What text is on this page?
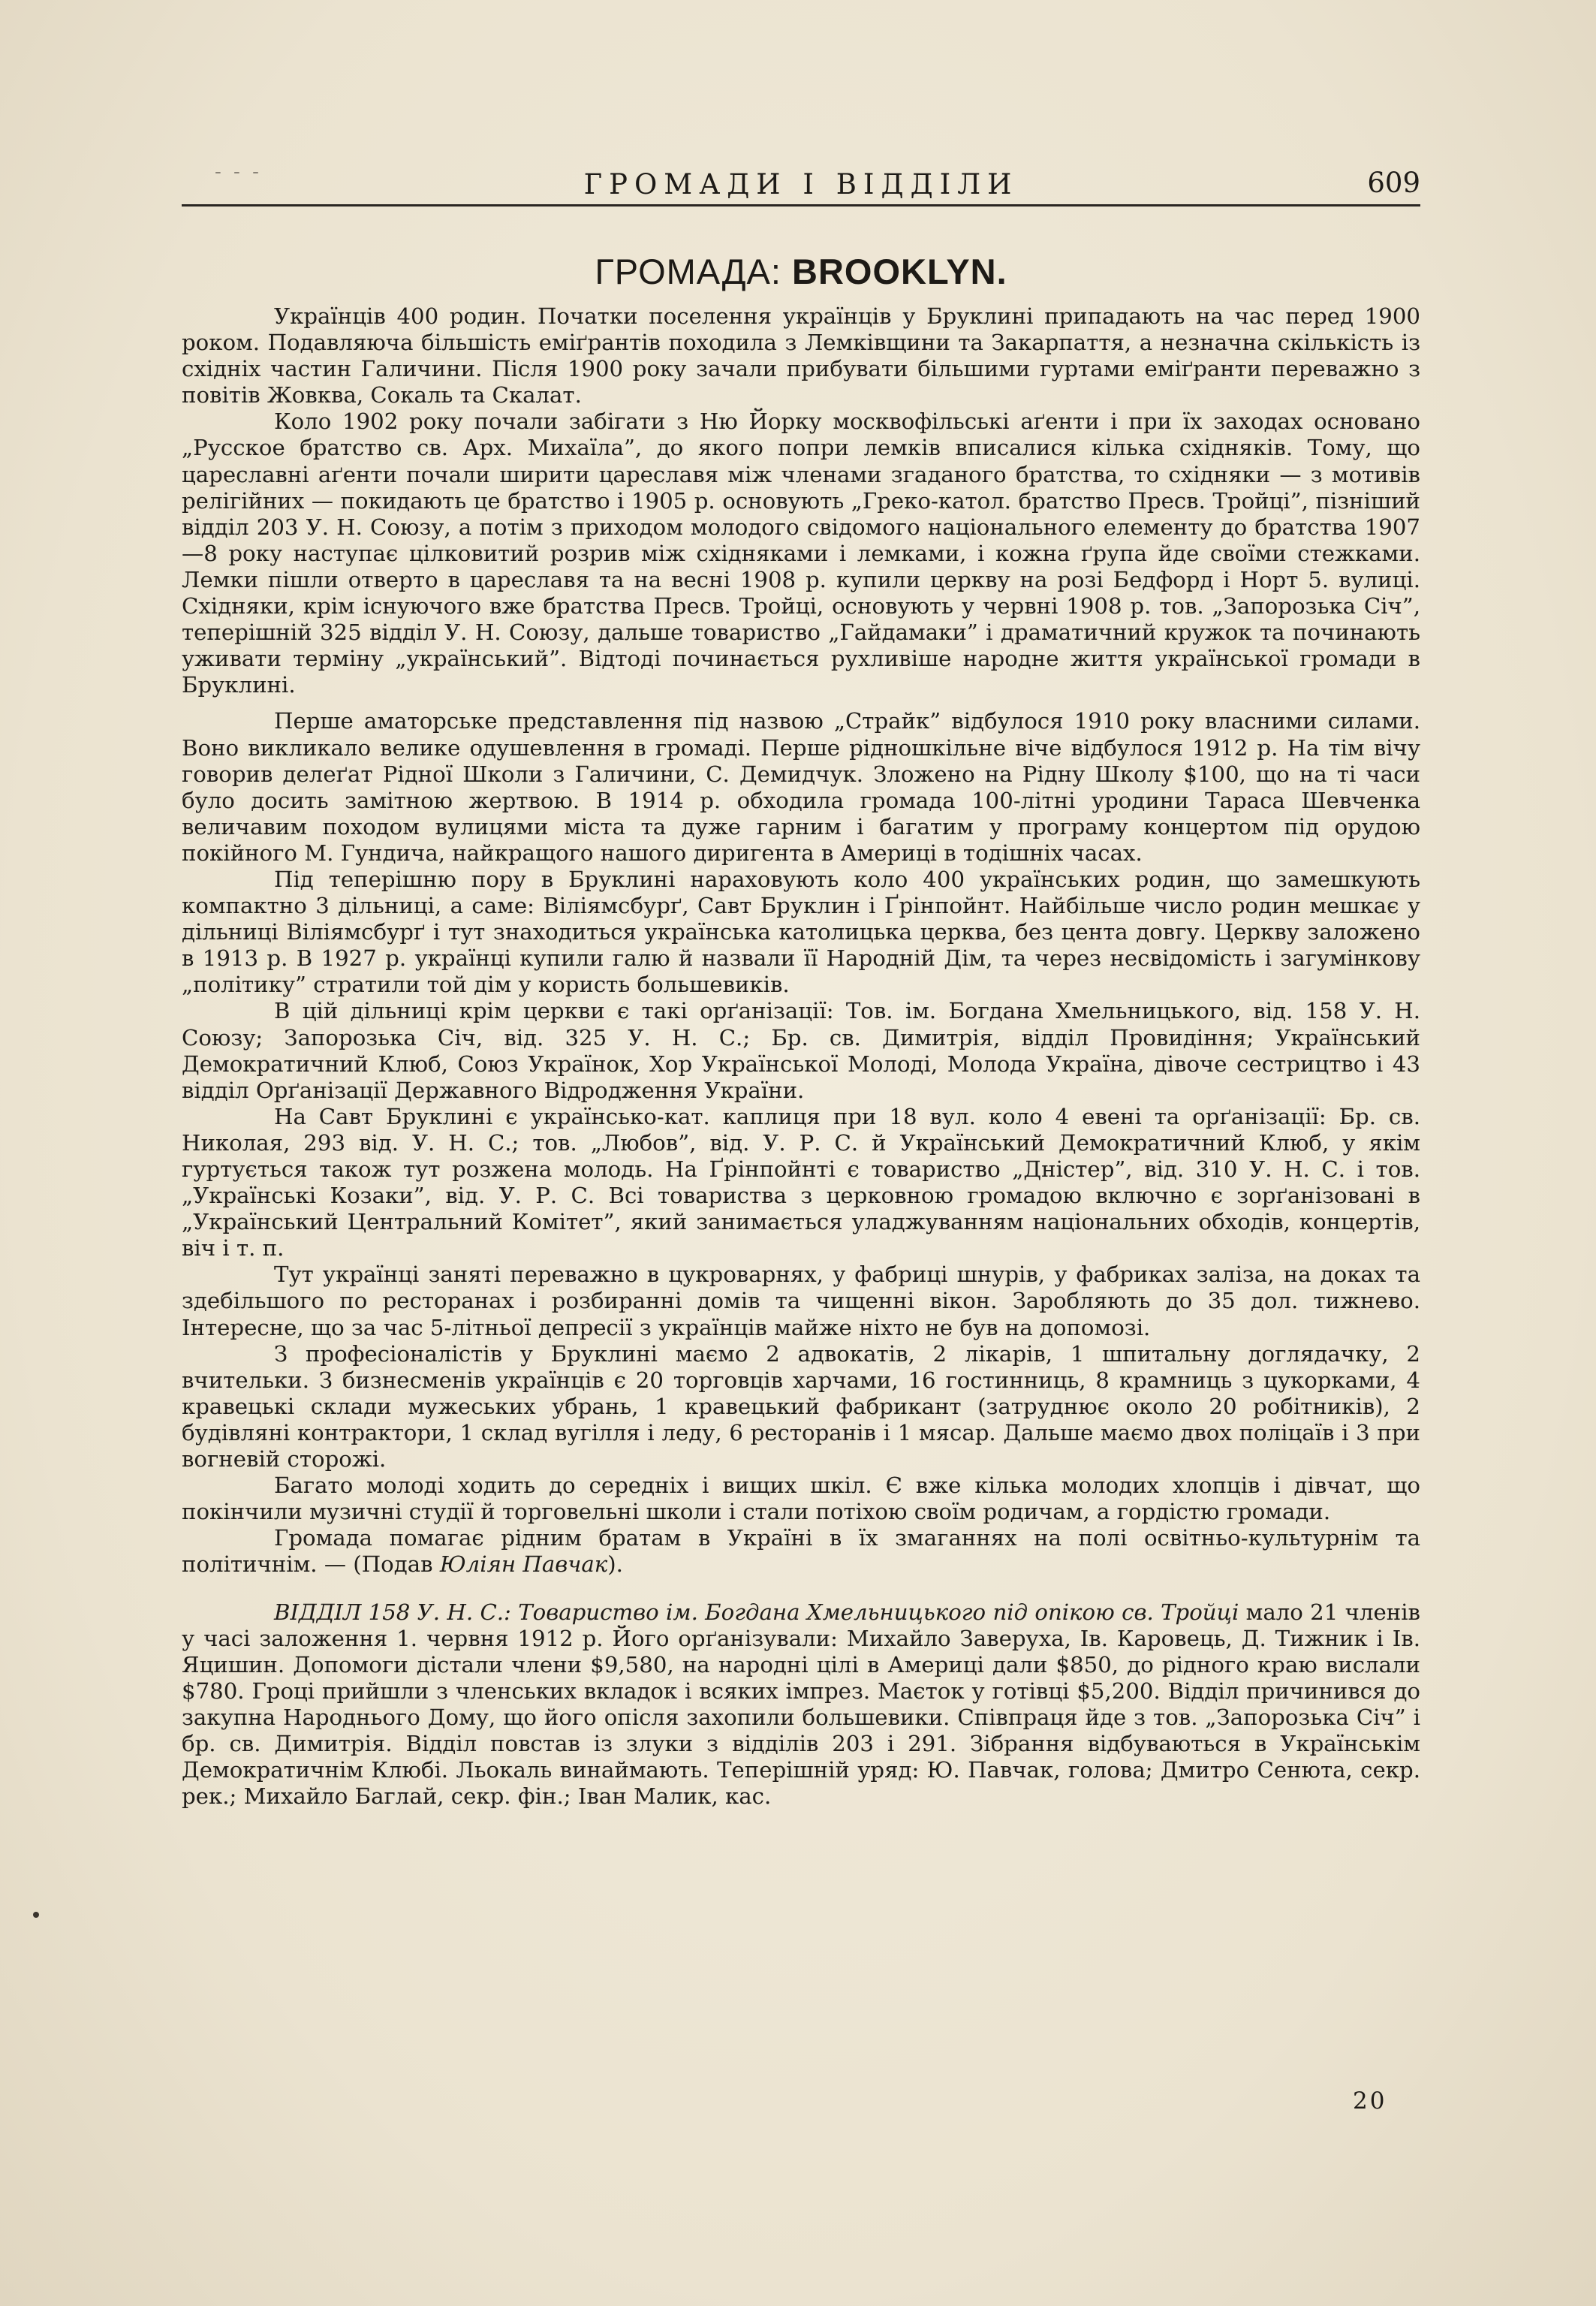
- - -	ГРОМАДИ І ВІДДІЛИ	609
ГРОМАДА: BROOKLYN.

Українців 400 родин. Початки поселення українців у Бруклині припадають на час перед 1900 роком. Подавляюча більшість еміґрантів походила з Лемківщини та Закарпаття, а незначна скількість із східніх частин Галичини. Після 1900 року зачали прибувати більшими гуртами еміґранти переважно з повітів Жовква, Сокаль та Скалат.

Коло 1902 року почали забігати з Ню Йорку москвофільські аґенти і при їх заходах основано „Русское братство св. Арх. Михаїла”, до якого попри лемків вписалися кілька східняків. Тому, що цареславні аґенти почали ширити цареславя між членами згаданого братства, то східняки — з мотивів релігійних — покидають це братство і 1905 р. основують „Греко-катол. братство Пресв. Тройці”, пізніший відділ 203 У. Н. Союзу, а потім з приходом молодого свідомого національного елементу до братства 1907—8 року наступає цілковитий розрив між східняками і лемками, і кожна ґрупа йде своїми стежками. Лемки пішли отверто в цареславя та на весні 1908 р. купили церкву на розі Бедфорд і Норт 5. вулиці. Східняки, крім існуючого вже братства Пресв. Тройці, основують у червні 1908 р. тов. „Запорозька Січ”, теперішній 325 відділ У. Н. Союзу, дальше товариство „Гайдамаки” і драматичний кружок та починають уживати терміну „український”. Відтоді починається рухливіше народне життя української громади в Бруклині.

Перше аматорське представлення під назвою „Страйк” відбулося 1910 року власними силами. Воно викликало велике одушевлення в громаді. Перше рідношкільне віче відбулося 1912 р. На тім вічу говорив делеґат Рідної Школи з Галичини, С. Демидчук. Зложено на Рідну Школу $100, що на ті часи було досить замітною жертвою. В 1914 р. обходила громада 100-літні уродини Тараса Шевченка величавим походом вулицями міста та дуже гарним і багатим у програму концертом під орудою покійного М. Гундича, найкращого нашого диригента в Америці в тодішніх часах.

Під теперішню пору в Бруклині нараховують коло 400 українських родин, що замешкують компактно 3 дільниці, а саме: Віліямсбурґ, Савт Бруклин і Ґрінпойнт. Найбільше число родин мешкає у дільниці Віліямсбурґ і тут знаходиться українська католицька церква, без цента довгу. Церкву заложено в 1913 р. В 1927 р. українці купили галю й назвали її Народній Дім, та через несвідомість і загумінкову „політику” стратили той дім у користь большевиків.

В цій дільниці крім церкви є такі орґанізації: Тов. ім. Богдана Хмельницького, від. 158 У. Н. Союзу; Запорозька Січ, від. 325 У. Н. С.; Бр. св. Димитрія, відділ Провидіння; Український Демократичний Клюб, Союз Українок, Хор Української Молоді, Молода Україна, дівоче сестрицтво і 43 відділ Орґанізації Державного Відродження України.

На Савт Бруклині є українсько-кат. каплиця при 18 вул. коло 4 евені та орґанізації: Бр. св. Николая, 293 від. У. Н. С.; тов. „Любов”, від. У. Р. С. й Український Демократичний Клюб, у якім гуртується також тут розжена молодь. На Ґрінпойнті є товариство „Дністер”, від. 310 У. Н. С. і тов. „Українські Козаки”, від. У. Р. С. Всі товариства з церковною громадою включно є зорґанізовані в „Український Центральний Комітет”, який занимається уладжуванням національних обходів, концертів, віч і т. п.

Тут українці заняті переважно в цукроварнях, у фабриці шнурів, у фабриках заліза, на доках та здебільшого по ресторанах і розбиранні домів та чищенні вікон. Заробляють до 35 дол. тижнево. Інтересне, що за час 5-літньої депресії з українців майже ніхто не був на допомозі.

З професіоналістів у Бруклині маємо 2 адвокатів, 2 лікарів, 1 шпитальну доглядачку, 2 вчительки. З бизнесменів українців є 20 торговців харчами, 16 гостинниць, 8 крамниць з цукорками, 4 кравецькі склади мужеських убрань, 1 кравецький фабрикант (затруднює около 20 робітників), 2 будівляні контрактори, 1 склад вугілля і леду, 6 ресторанів і 1 мясар. Дальше маємо двох поліцаїв і 3 при вогневій сторожі.

Багато молоді ходить до середніх і вищих шкіл. Є вже кілька молодих хлопців і дівчат, що покінчили музичні студії й торговельні школи і стали потіхою своїм родичам, а гордістю громади.

Громада помагає рідним братам в Україні в їх змаганнях на полі освітньо-культурнім та політичнім. — (Подав Юліян Павчак).

ВІДДІЛ 158 У. Н. С.: Товариство ім. Богдана Хмельницького під опікою св. Тройці мало 21 членів у часі заложення 1. червня 1912 р. Його орґанізували: Михайло Заверуха, Ів. Каровець, Д. Тижник і Ів. Яцишин. Допомоги дістали члени $9,580, на народні цілі в Америці дали $850, до рідного краю вислали $780. Гроці прийшли з членських вкладок і всяких імпрез. Маєток у готівці $5,200. Відділ причинився до закупна Народнього Дому, що його опісля захопили большевики. Співпраця йде з тов. „Запорозька Січ” і бр. св. Димитрія. Відділ повстав із злуки з відділів 203 і 291. Зібрання відбуваються в Українськім Демократичнім Клюбі. Льокаль винаймають. Теперішній уряд: Ю. Павчак, голова; Дмитро Сенюта, секр. рек.; Михайло Баглай, секр. фін.; Іван Малик, кас.

20
